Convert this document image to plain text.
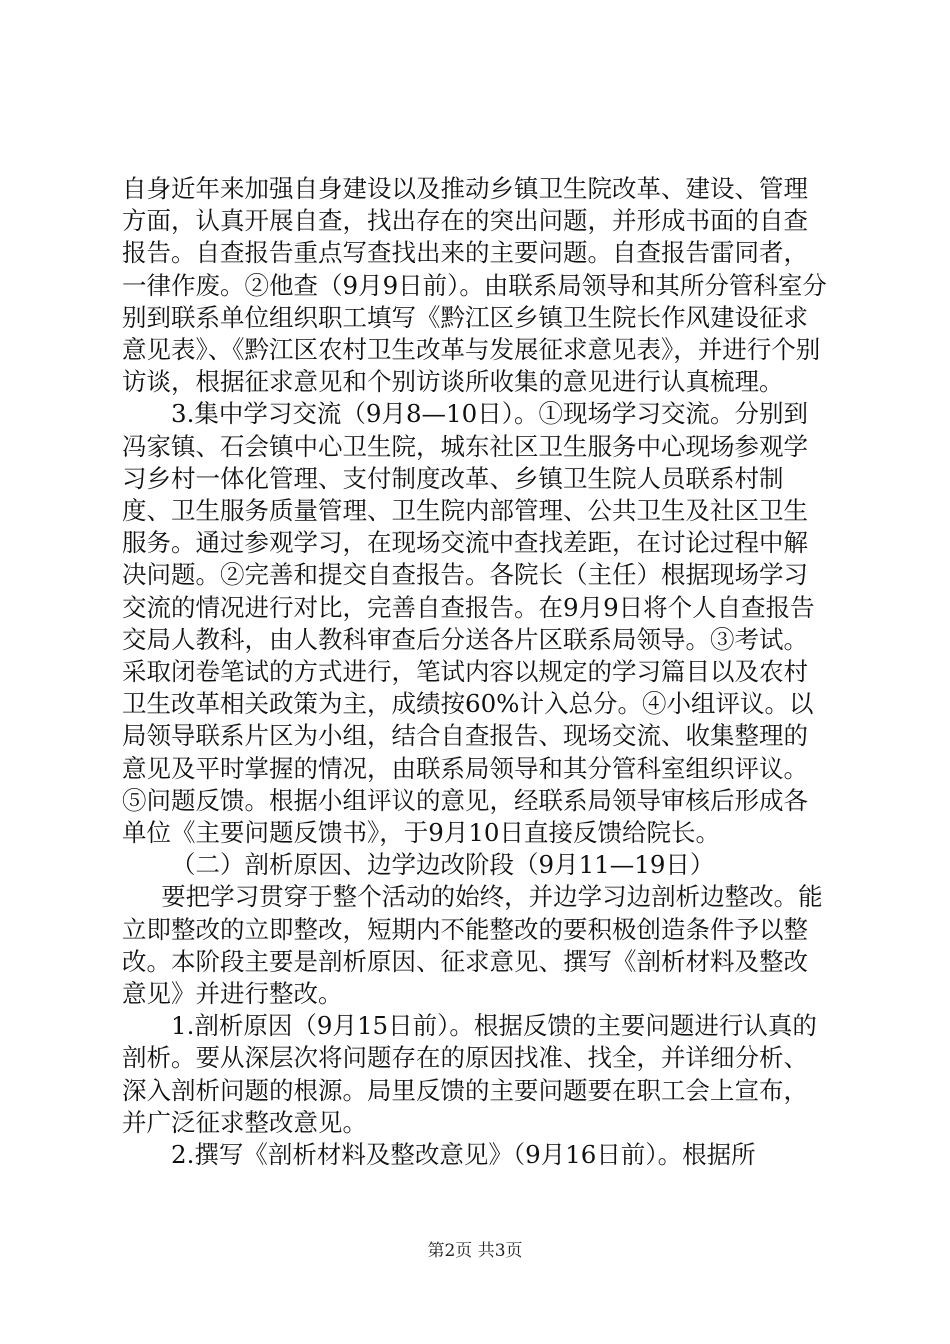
自身近年来加强自身建设以及推动乡镇卫生院改革、建设、管理方面，认真开展自查，找出存在的突出问题，并形成书面的自查报告。自查报告重点写查找出来的主要问题。自查报告雷同者，一律作废。②他查（9月9日前）。由联系局领导和其所分管科室分别到联系单位组织职工填写《黔江区乡镇卫生院长作风建设征求意见表》、《黔江区农村卫生改革与发展征求意见表》，并进行个别访谈，根据征求意见和个别访谈所收集的意见进行认真梳理。

3.集中学习交流（9月8—10日）。①现场学习交流。分别到冯家镇、石会镇中心卫生院，城东社区卫生服务中心现场参观学习乡村一体化管理、支付制度改革、乡镇卫生院人员联系村制度、卫生服务质量管理、卫生院内部管理、公共卫生及社区卫生服务。通过参观学习，在现场交流中查找差距，在讨论过程中解决问题。②完善和提交自查报告。各院长（主任）根据现场学习交流的情况进行对比，完善自查报告。在9月9日将个人自查报告交局人教科，由人教科审查后分送各片区联系局领导。③考试。采取闭卷笔试的方式进行，笔试内容以规定的学习篇目以及农村卫生改革相关政策为主，成绩按60%计入总分。④小组评议。以局领导联系片区为小组，结合自查报告、现场交流、收集整理的意见及平时掌握的情况，由联系局领导和其分管科室组织评议。⑤问题反馈。根据小组评议的意见，经联系局领导审核后形成各单位《主要问题反馈书》，于9月10日直接反馈给院长。

（二）剖析原因、边学边改阶段（9月11—19日）

要把学习贯穿于整个活动的始终，并边学习边剖析边整改。能立即整改的立即整改，短期内不能整改的要积极创造条件予以整改。本阶段主要是剖析原因、征求意见、撰写《剖析材料及整改意见》并进行整改。

1.剖析原因（9月15日前）。根据反馈的主要问题进行认真的剖析。要从深层次将问题存在的原因找准、找全，并详细分析、深入剖析问题的根源。局里反馈的主要问题要在职工会上宣布，并广泛征求整改意见。

2.撰写《剖析材料及整改意见》（9月16日前）。根据所

第2页 共3页
